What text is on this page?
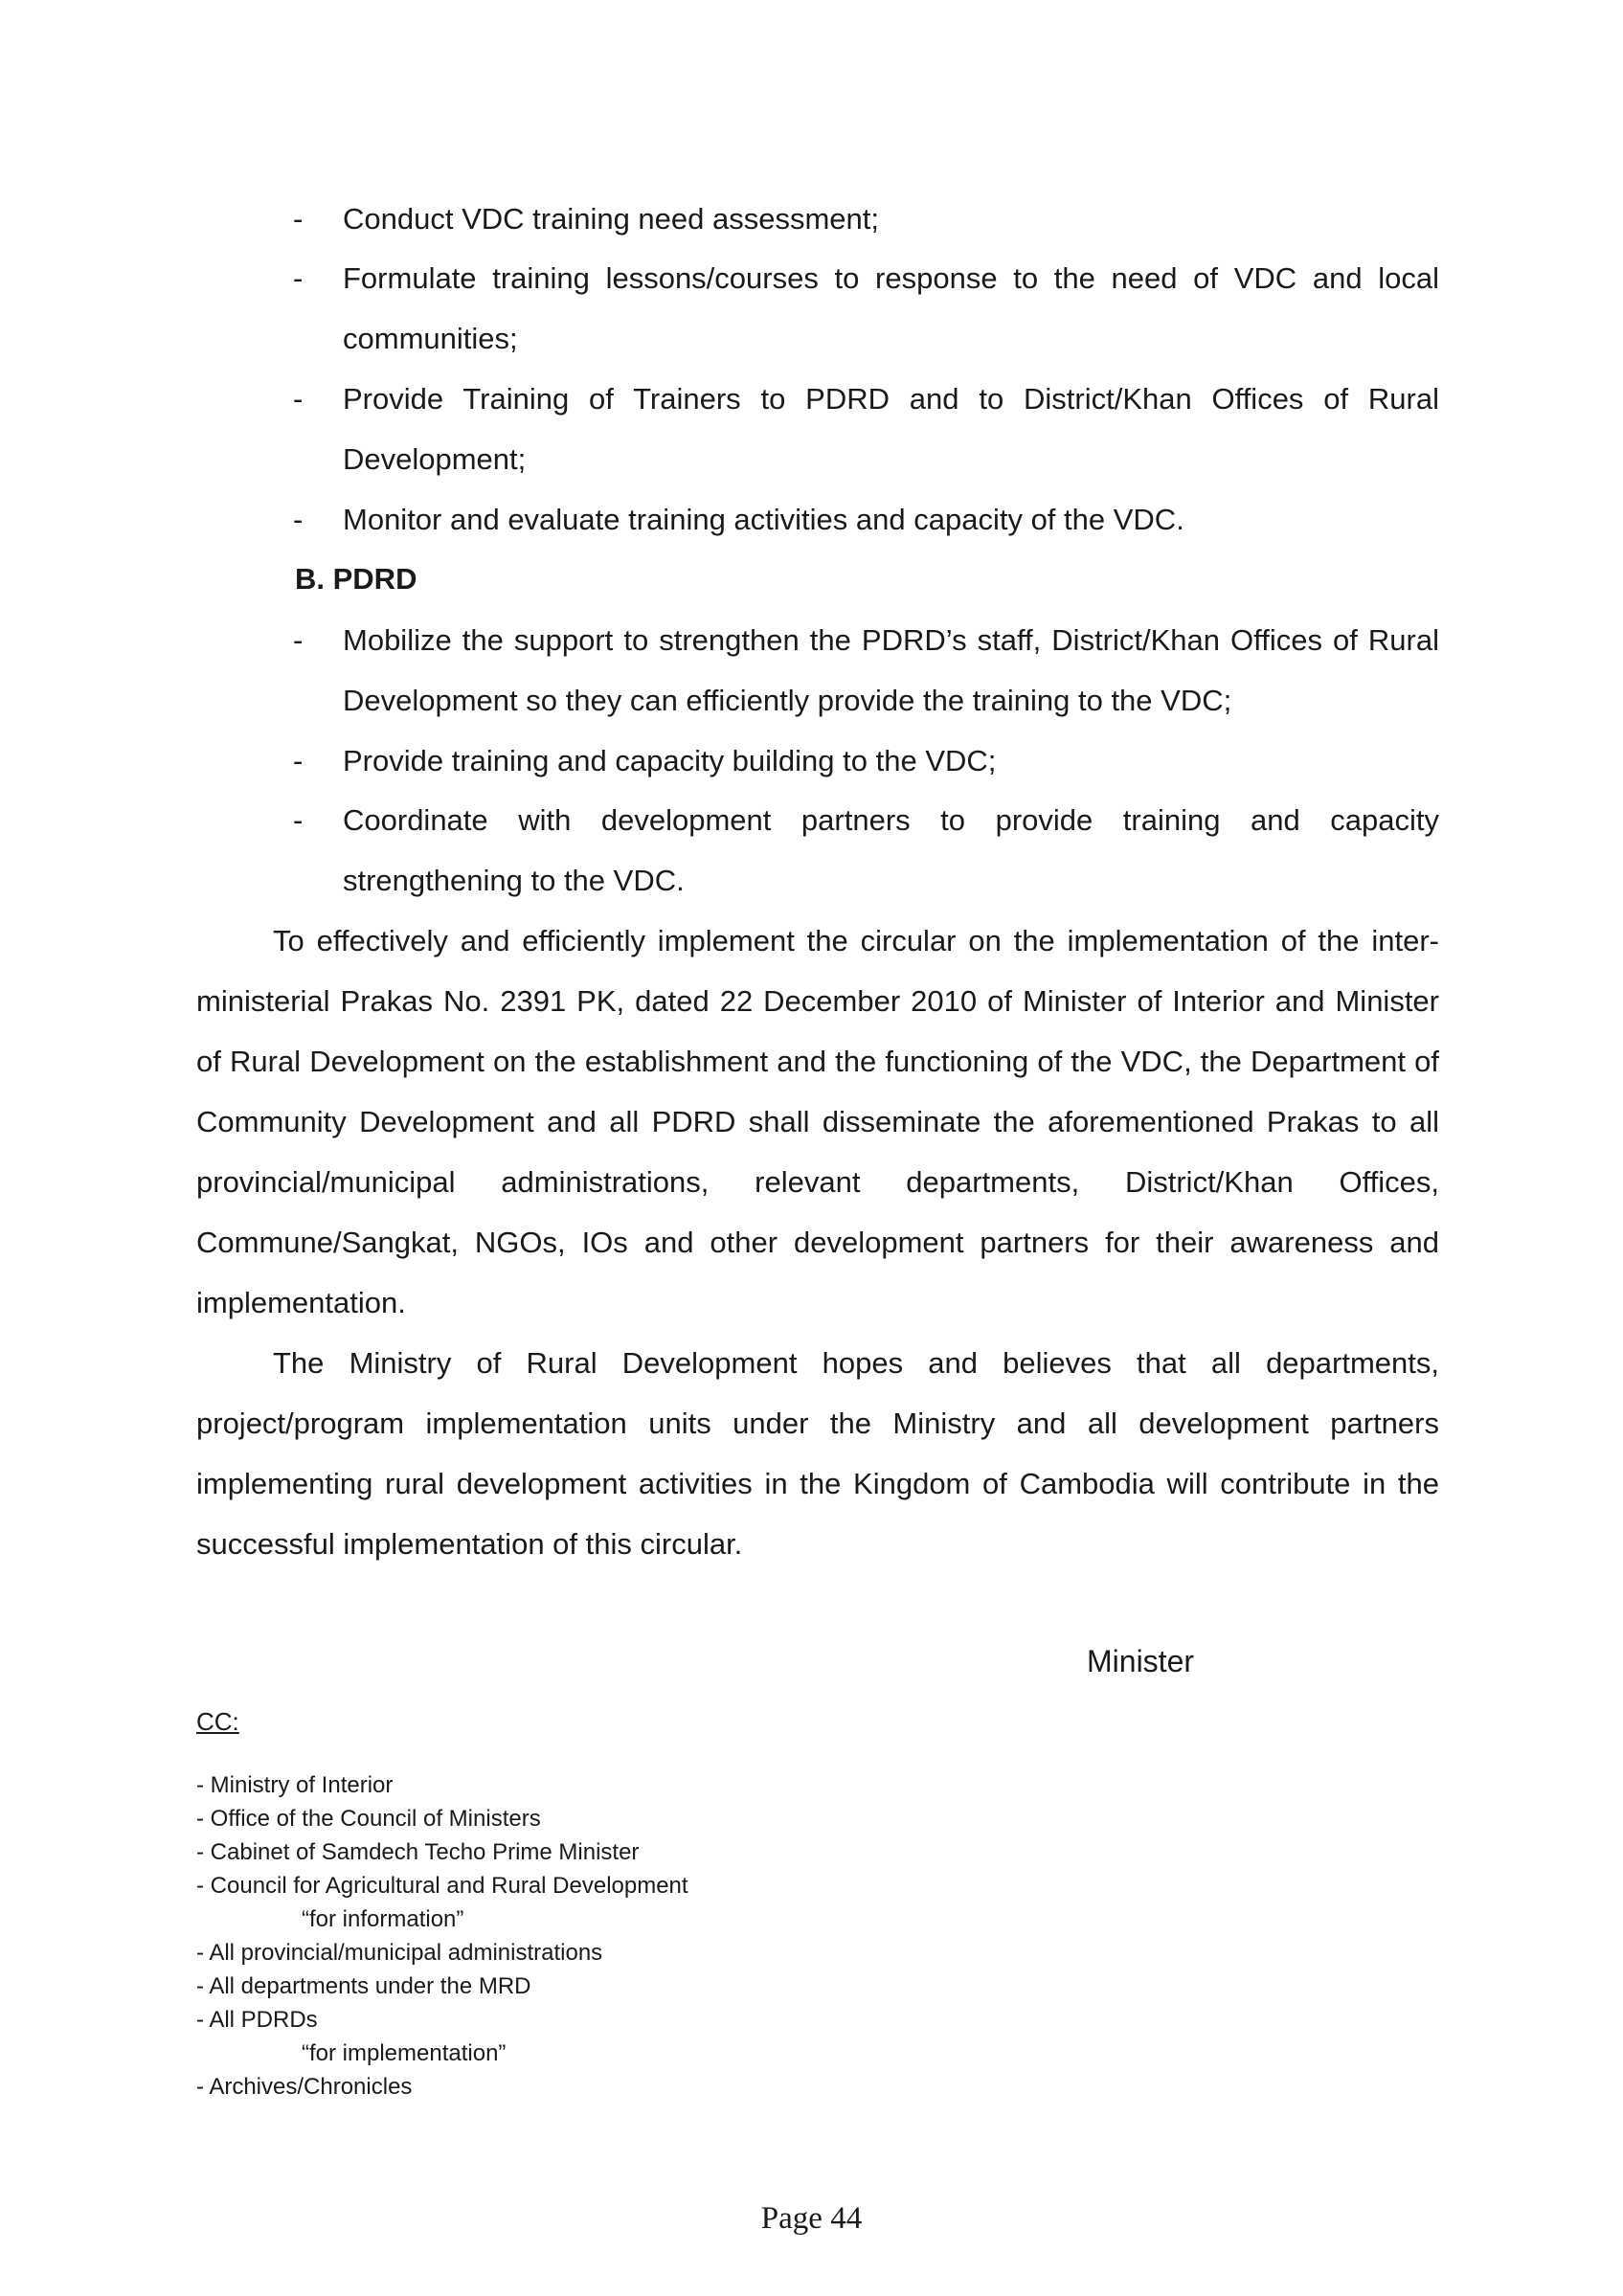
- Conduct VDC training need assessment;
- Formulate training lessons/courses to response to the need of VDC and local communities;
- Provide Training of Trainers to PDRD and to District/Khan Offices of Rural Development;
- Monitor and evaluate training activities and capacity of the VDC.
B. PDRD
- Mobilize the support to strengthen the PDRD’s staff, District/Khan Offices of Rural Development so they can efficiently provide the training to the VDC;
- Provide training and capacity building to the VDC;
- Coordinate with development partners to provide training and capacity strengthening to the VDC.
To effectively and efficiently implement the circular on the implementation of the inter-ministerial Prakas No. 2391 PK, dated 22 December 2010 of Minister of Interior and Minister of Rural Development on the establishment and the functioning of the VDC, the Department of Community Development and all PDRD shall disseminate the aforementioned Prakas to all provincial/municipal administrations, relevant departments, District/Khan Offices, Commune/Sangkat, NGOs, IOs and other development partners for their awareness and implementation.
The Ministry of Rural Development hopes and believes that all departments, project/program implementation units under the Ministry and all development partners implementing rural development activities in the Kingdom of Cambodia will contribute in the successful implementation of this circular.
Minister
CC:
- Ministry of Interior
- Office of the Council of Ministers
- Cabinet of Samdech Techo Prime Minister
- Council for Agricultural and Rural Development
“for information”
- All provincial/municipal administrations
- All departments under the MRD
- All PDRDs
“for implementation”
- Archives/Chronicles
Page 44
